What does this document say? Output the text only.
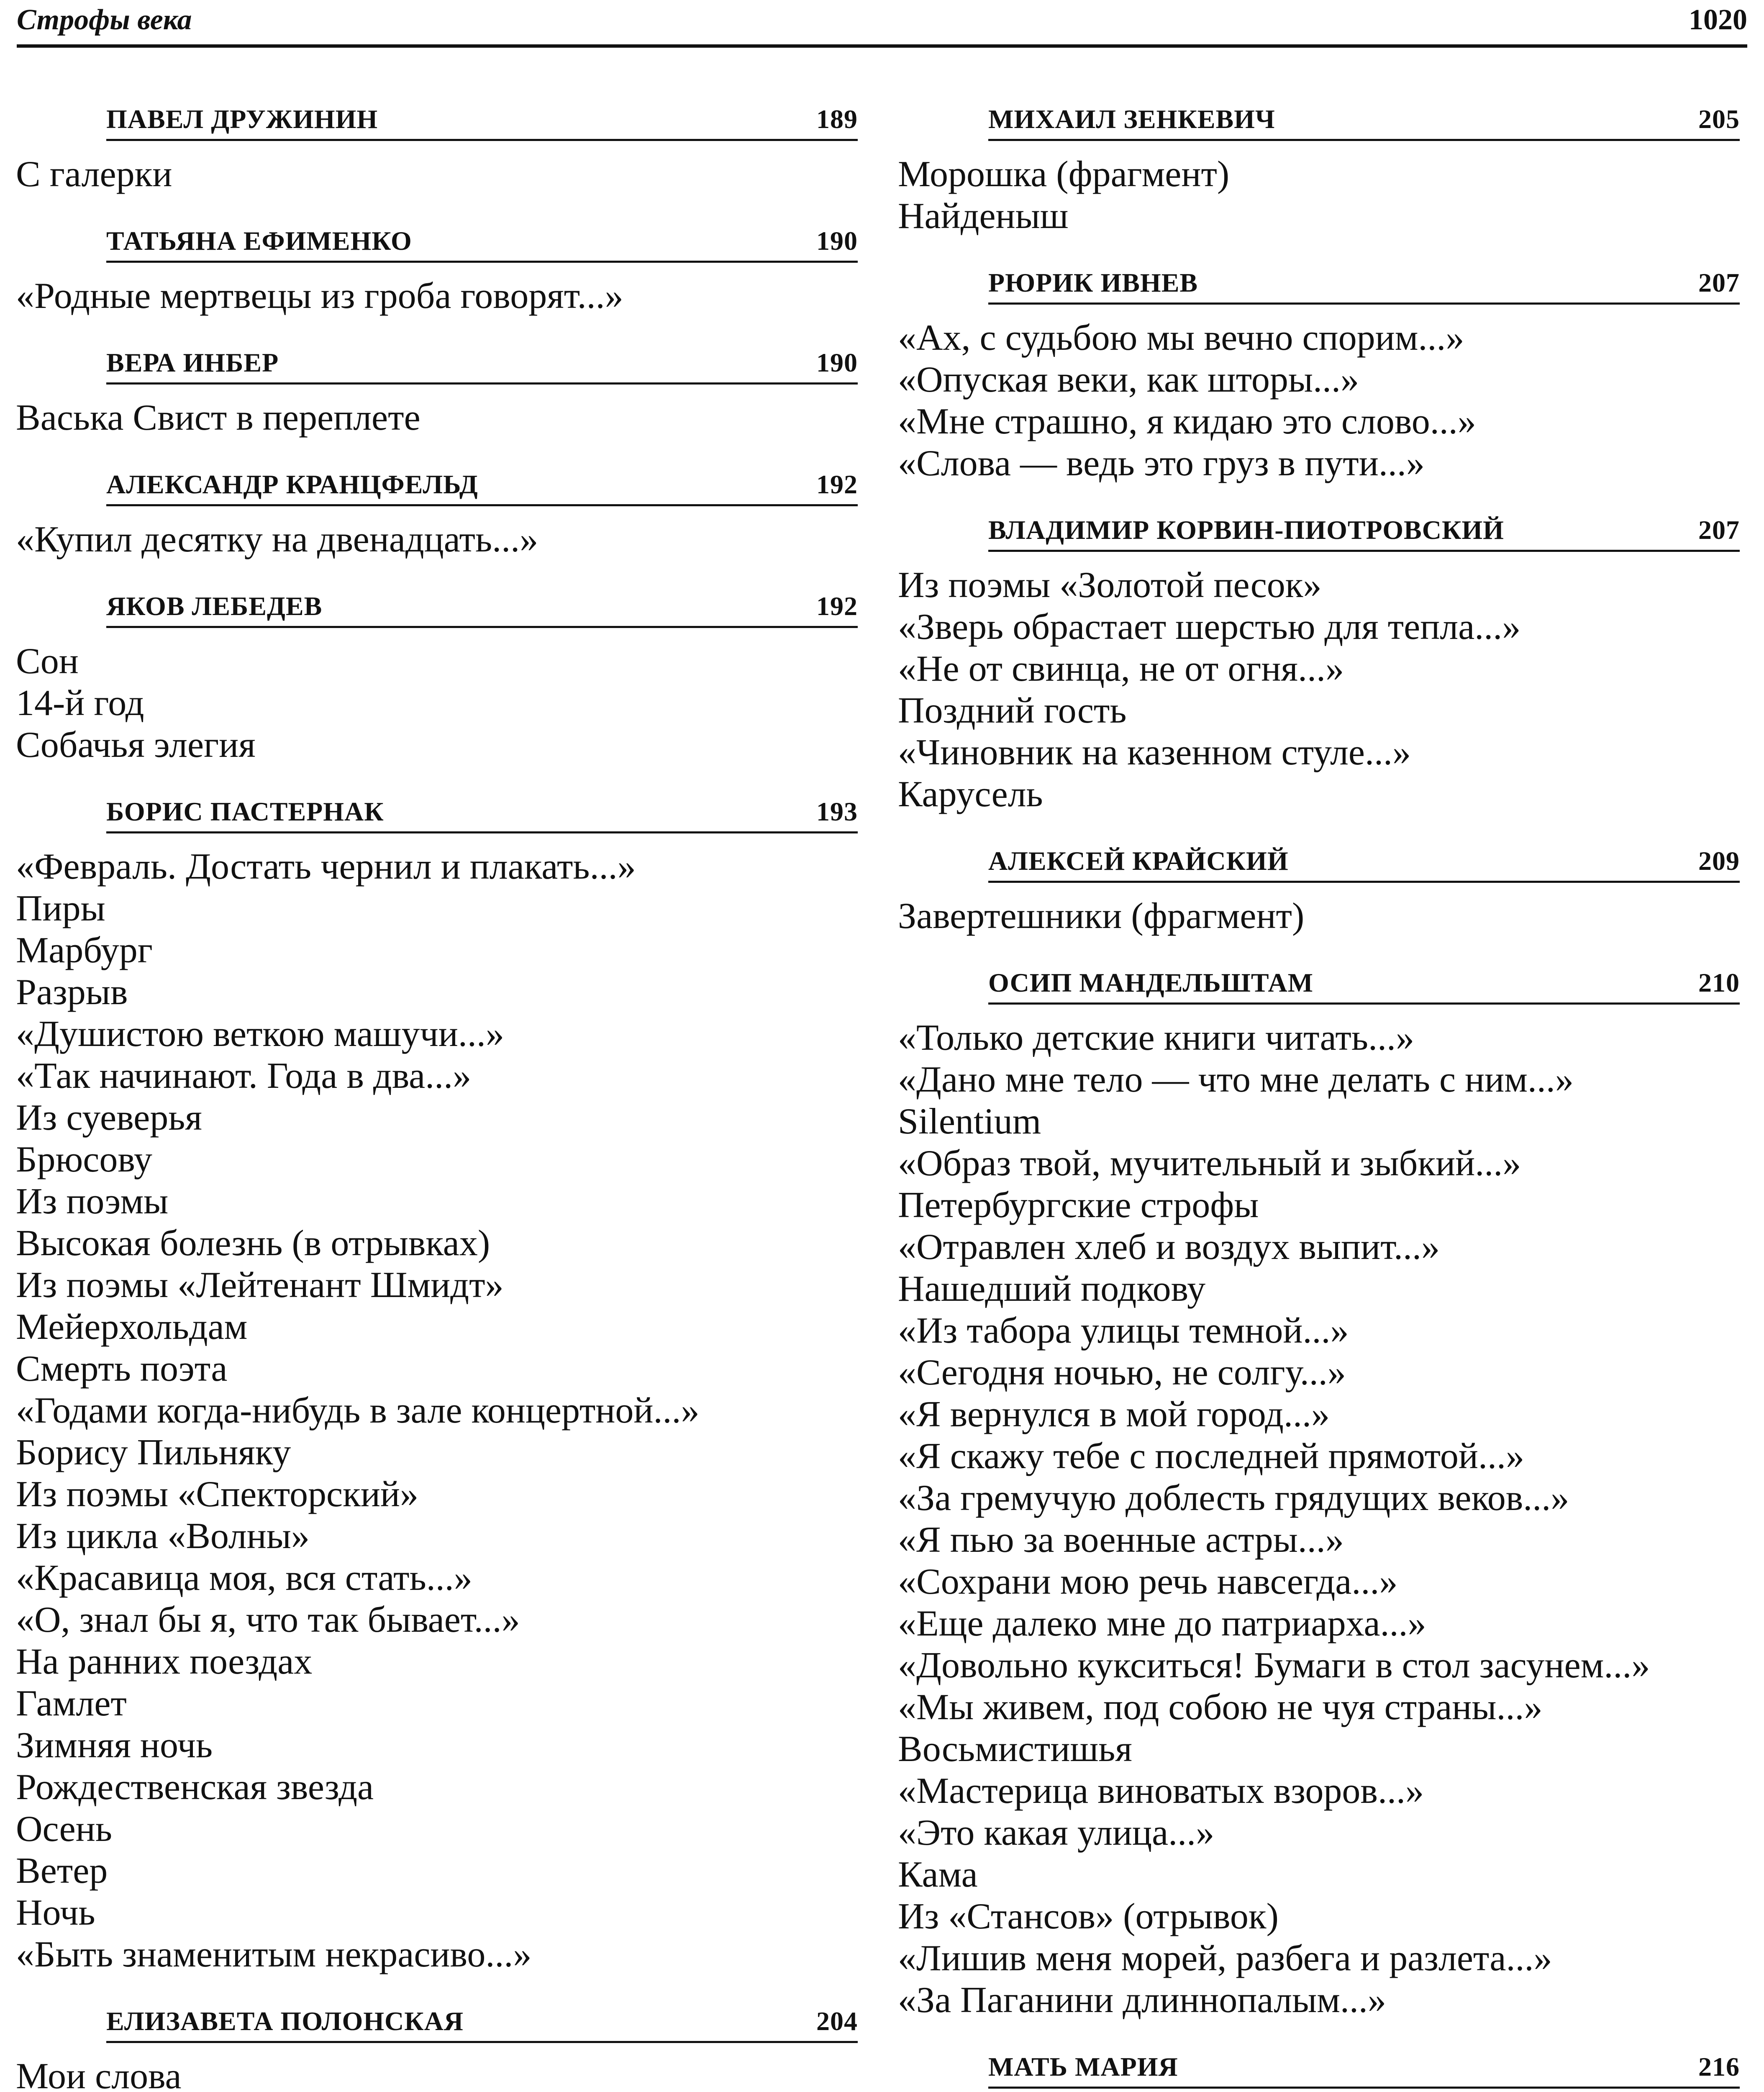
Строфы века	1020
ПАВЕЛ ДРУЖИНИН	189
С галерки
ТАТЬЯНА ЕФИМЕНКО	190
«Родные мертвецы из гроба говорят...»
ВЕРА ИНБЕР	190
Васька Свист в переплете
АЛЕКСАНДР КРАНЦФЕЛЬД	192
«Купил десятку на двенадцать...»
ЯКОВ ЛЕБЕДЕВ	192
Сон
14-й год
Собачья элегия
БОРИС ПАСТЕРНАК	193
«Февраль. Достать чернил и плакать...»
Пиры
Марбург
Разрыв
«Душистою веткою машучи...»
«Так начинают. Года в два...»
Из суеверья
Брюсову
Из поэмы
Высокая болезнь (в отрывках)
Из поэмы «Лейтенант Шмидт»
Мейерхольдам
Смерть поэта
«Годами когда-нибудь в зале концертной...»
Борису Пильняку
Из поэмы «Спекторский»
Из цикла «Волны»
«Красавица моя, вся стать...»
«О, знал бы я, что так бывает...»
На ранних поездах
Гамлет
Зимняя ночь
Рождественская звезда
Осень
Ветер
Ночь
«Быть знаменитым некрасиво...»
ЕЛИЗАВЕТА ПОЛОНСКАЯ	204
Мои слова
МИХАИЛ ЗЕНКЕВИЧ	205
Морошка (фрагмент)
Найденыш
РЮРИК ИВНЕВ	207
«Ах, с судьбою мы вечно спорим...»
«Опуская веки, как шторы...»
«Мне страшно, я кидаю это слово...»
«Слова — ведь это груз в пути...»
ВЛАДИМИР КОРВИН-ПИОТРОВСКИЙ	207
Из поэмы «Золотой песок»
«Зверь обрастает шерстью для тепла...»
«Не от свинца, не от огня...»
Поздний гость
«Чиновник на казенном стуле...»
Карусель
АЛЕКСЕЙ КРАЙСКИЙ	209
Завертешники (фрагмент)
ОСИП МАНДЕЛЬШТАМ	210
«Только детские книги читать...»
«Дано мне тело — что мне делать с ним...»
Silentium
«Образ твой, мучительный и зыбкий...»
Петербургские строфы
«Отравлен хлеб и воздух выпит...»
Нашедший подкову
«Из табора улицы темной...»
«Сегодня ночью, не солгу...»
«Я вернулся в мой город...»
«Я скажу тебе с последней прямотой...»
«За гремучую доблесть грядущих веков...»
«Я пью за военные астры...»
«Сохрани мою речь навсегда...»
«Еще далеко мне до патриарха...»
«Довольно кукситься! Бумаги в стол засунем...»
«Мы живем, под собою не чуя страны...»
Восьмистишья
«Мастерица виноватых взоров...»
«Это какая улица...»
Кама
Из «Стансов» (отрывок)
«Лишив меня морей, разбега и разлета...»
«За Паганини длиннопалым...»
МАТЬ МАРИЯ	216
